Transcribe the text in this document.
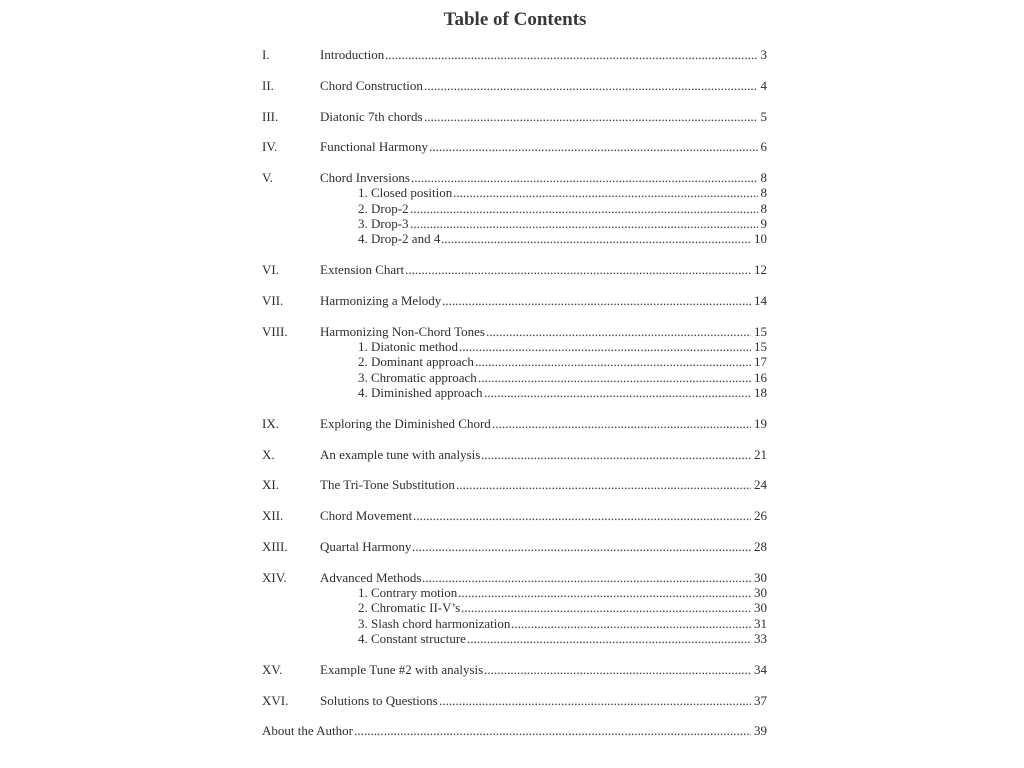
Table of Contents
I.	Introduction	3
II.	Chord Construction	4
III.	Diatonic 7th chords	5
IV.	Functional Harmony	6
V.	Chord Inversions	8
1. Closed position	8
2. Drop-2	8
3. Drop-3	9
4. Drop-2 and 4	10
VI.	Extension Chart	12
VII.	Harmonizing a Melody	14
VIII.	Harmonizing Non-Chord Tones	15
1. Diatonic method	15
2. Dominant approach	17
3. Chromatic approach	16
4. Diminished approach	18
IX.	Exploring the Diminished Chord	19
X.	An example tune with analysis	21
XI.	The Tri-Tone Substitution	24
XII.	Chord Movement	26
XIII.	Quartal Harmony	28
XIV.	Advanced Methods	30
1. Contrary motion	30
2. Chromatic II-V’s	30
3. Slash chord harmonization	31
4. Constant structure	33
XV.	Example Tune #2 with analysis	34
XVI.	Solutions to Questions	37
About the Author	39
